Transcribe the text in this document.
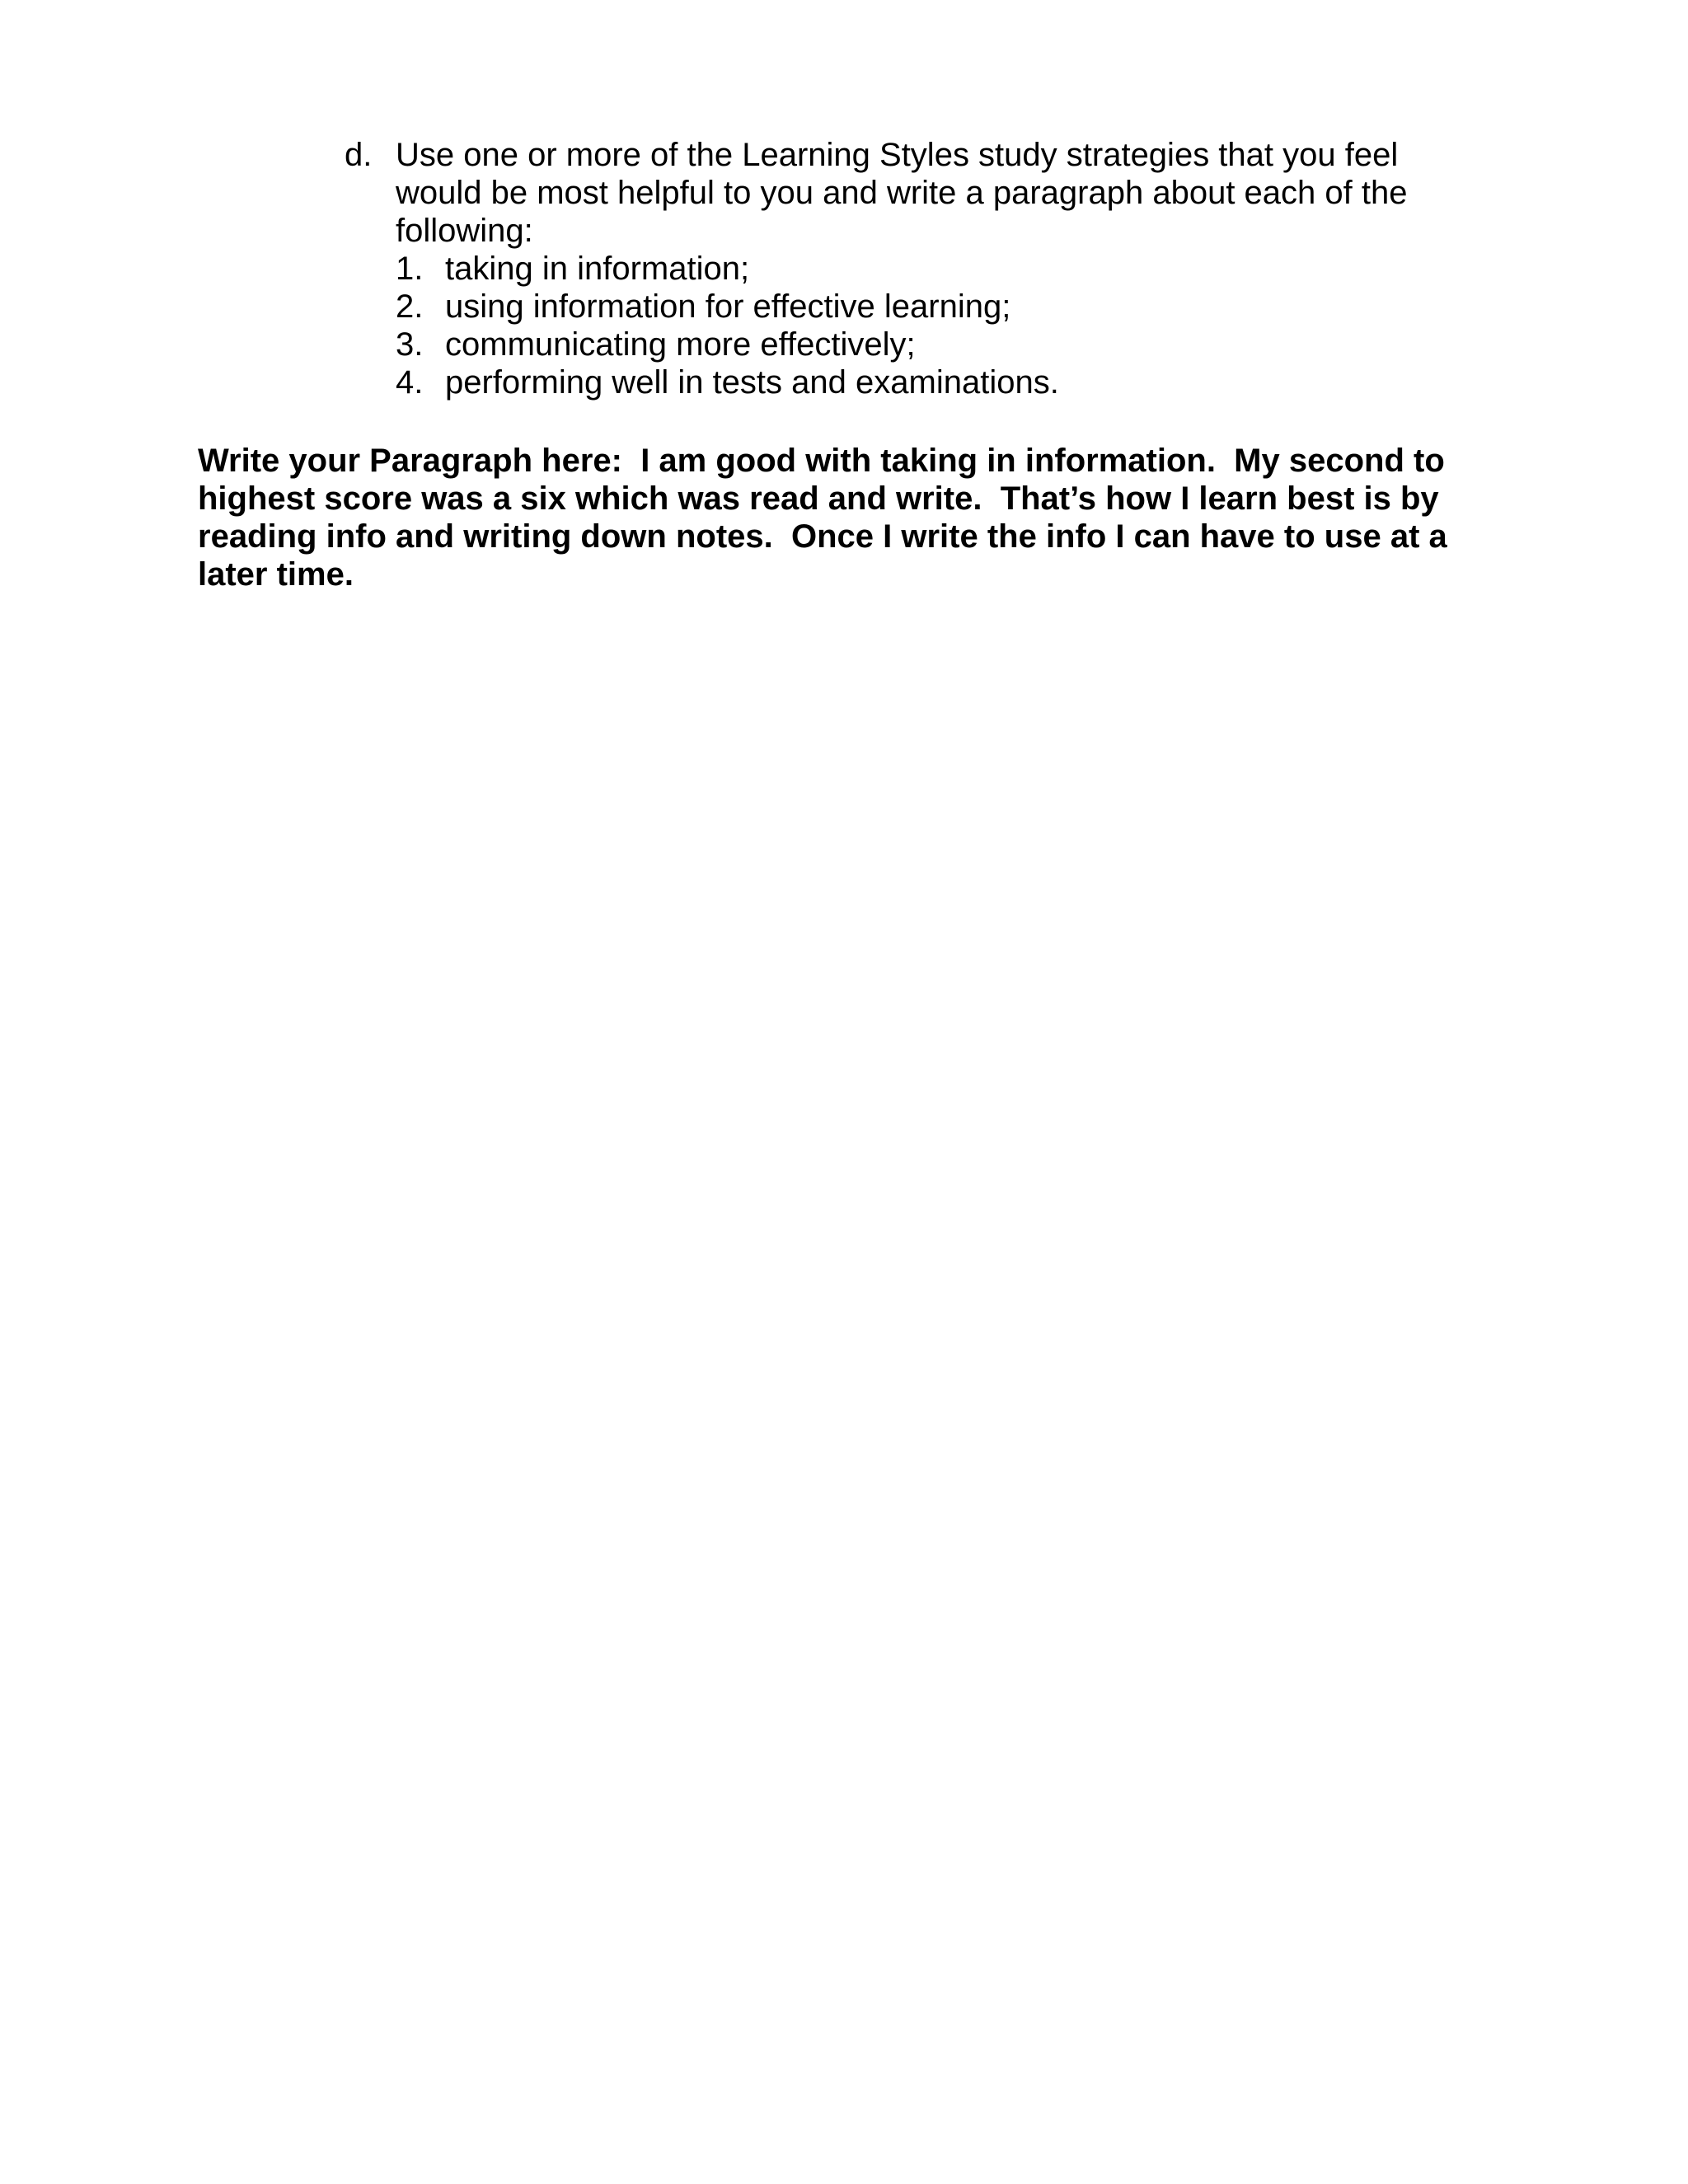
d. Use one or more of the Learning Styles study strategies that you feel
would be most helpful to you and write a paragraph about each of the
following:

1. taking in information;
2. using information for effective learning;
3. communicating more effectively;
4. performing well in tests and examinations.

Write your Paragraph here:  I am good with taking in information.  My second to
highest score was a six which was read and write.  That’s how I learn best is by
reading info and writing down notes.  Once I write the info I can have to use at a
later time.
